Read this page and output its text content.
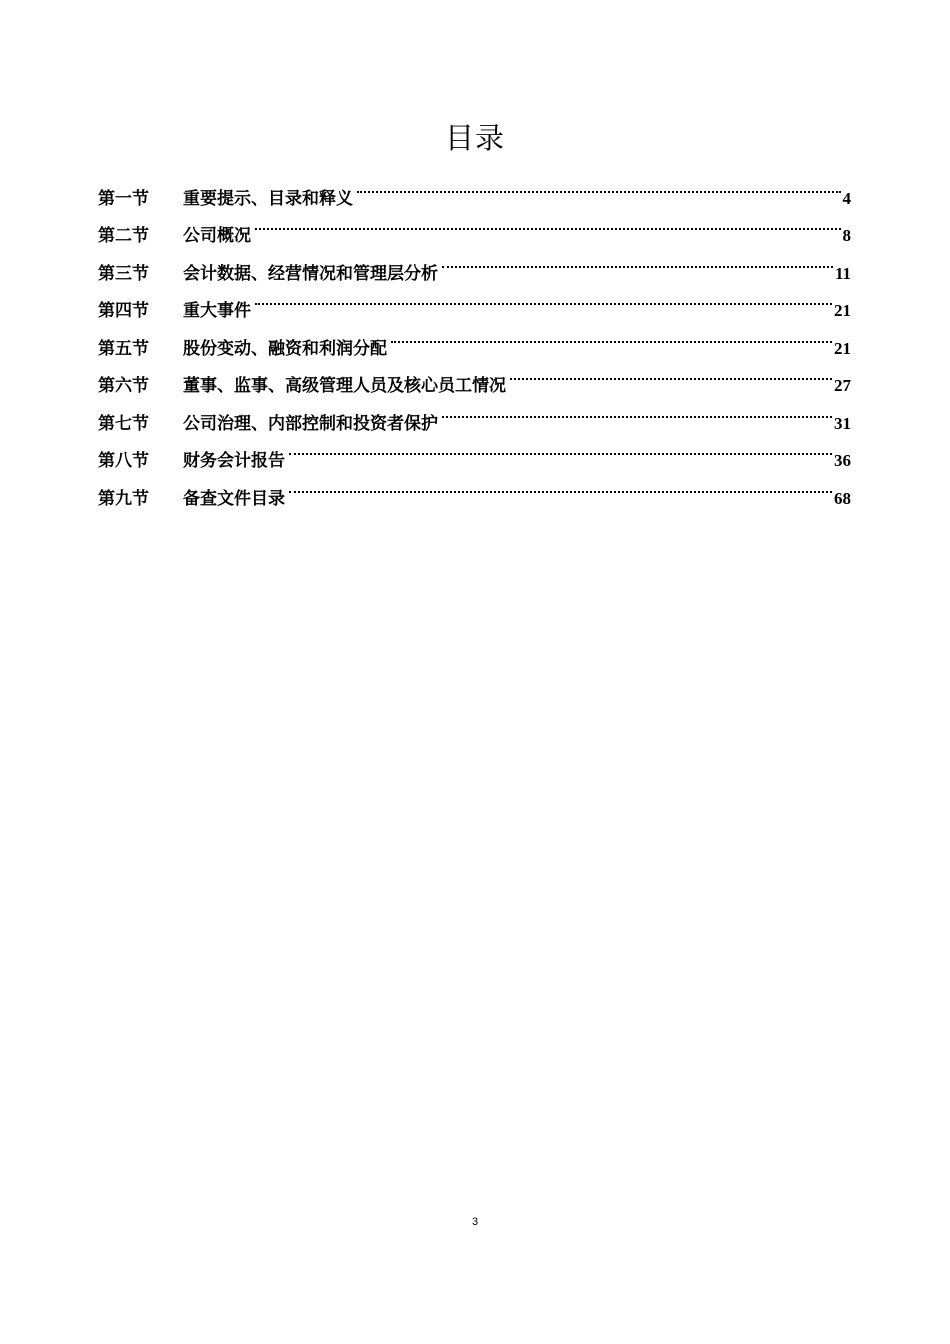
目录
第一节	重要提示、目录和释义	4
第二节	公司概况	8
第三节	会计数据、经营情况和管理层分析	11
第四节	重大事件	21
第五节	股份变动、融资和利润分配	21
第六节	董事、监事、高级管理人员及核心员工情况	27
第七节	公司治理、内部控制和投资者保护	31
第八节	财务会计报告	36
第九节	备查文件目录	68
3
